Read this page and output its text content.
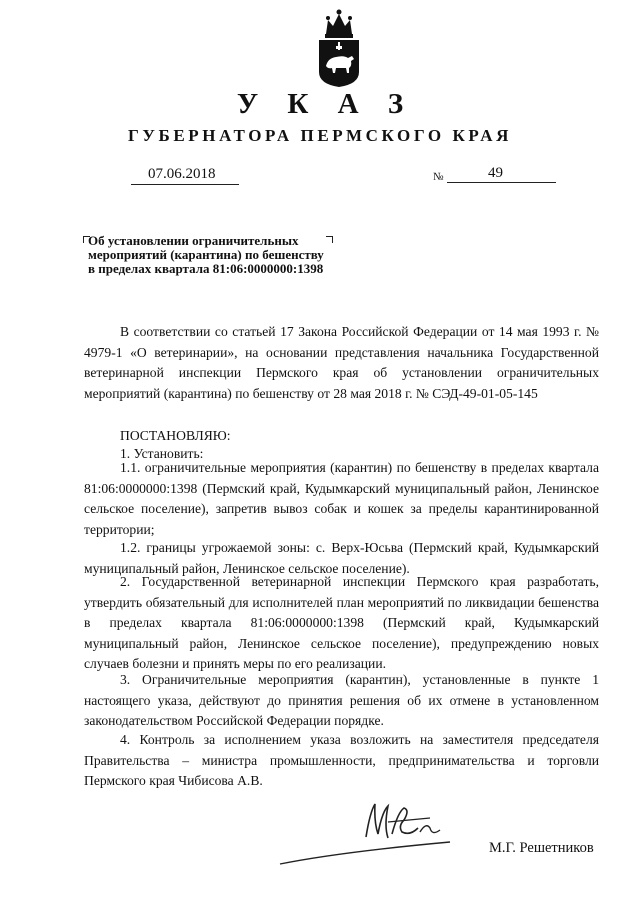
У К А З
ГУБЕРНАТОРА ПЕРМСКОГО КРАЯ
07.06.2018	№	49
Об установлении ограничительных
мероприятий (карантина) по бешенству
в пределах квартала 81:06:0000000:1398

В соответствии со статьей 17 Закона Российской Федерации от 14 мая 1993 г. № 4979-1 «О ветеринарии», на основании представления начальника Государственной ветеринарной инспекции Пермского края об установлении ограничительных мероприятий (карантина) по бешенству от 28 мая 2018 г. № СЭД-49-01-05-145

ПОСТАНОВЛЯЮ:

1. Установить:

1.1. ограничительные мероприятия (карантин) по бешенству в пределах квартала 81:06:0000000:1398 (Пермский край, Кудымкарский муниципальный район, Ленинское сельское поселение), запретив вывоз собак и кошек за пределы карантинированной территории;

1.2. границы угрожаемой зоны: с. Верх-Юсьва (Пермский край, Кудымкарский муниципальный район, Ленинское сельское поселение).

2. Государственной ветеринарной инспекции Пермского края разработать, утвердить обязательный для исполнителей план мероприятий по ликвидации бешенства в пределах квартала 81:06:0000000:1398 (Пермский край, Кудымкарский муниципальный район, Ленинское сельское поселение), предупреждению новых случаев болезни и принять меры по его реализации.

3. Ограничительные мероприятия (карантин), установленные в пункте 1 настоящего указа, действуют до принятия решения об их отмене в установленном законодательством Российской Федерации порядке.

4. Контроль за исполнением указа возложить на заместителя председателя Правительства – министра промышленности, предпринимательства и торговли Пермского края Чибисова А.В.

М.Г. Решетников
